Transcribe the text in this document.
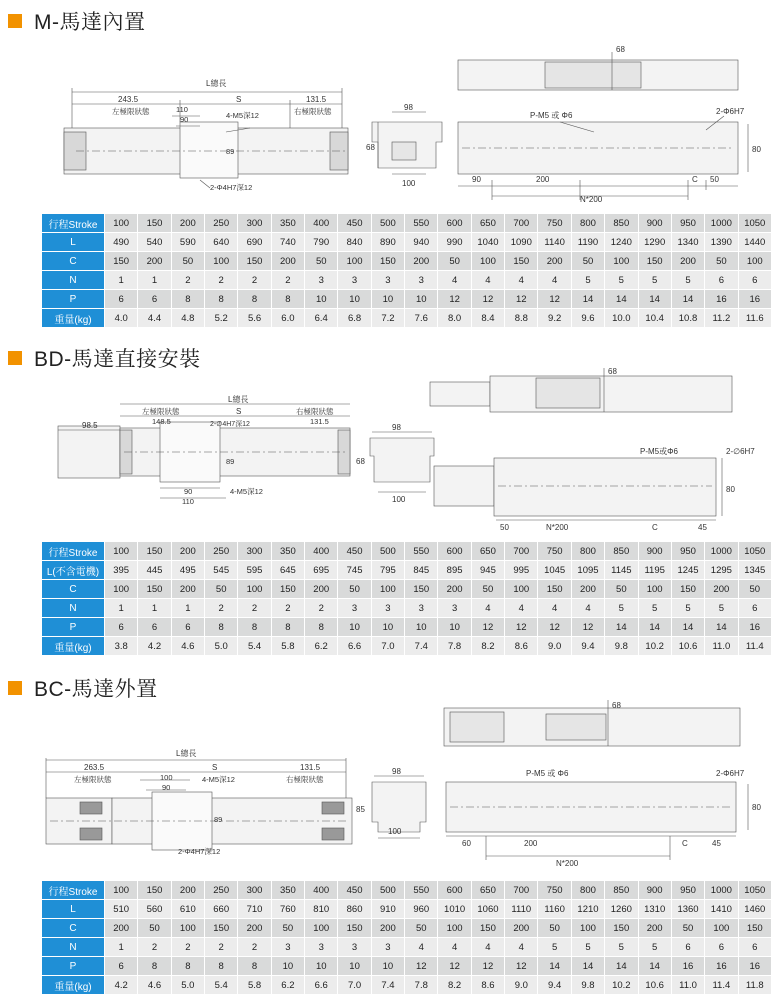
M-馬達內置
L總長
243.5	S	131.5
左極限狀態	右極限狀態
110
90	4-M5深12
2-Φ4H7深12
89
98
68
100
68
P-M5 或 Φ6	2-Φ6H7
90	200	C 50
N*200
80
行程Stroke	100	150	200	250	300	350	400	450	500	550	600	650	700	750	800	850	900	950	1000	1050
L	490	540	590	640	690	740	790	840	890	940	990	1040	1090	1140	1190	1240	1290	1340	1390	1440
C	150	200	50	100	150	200	50	100	150	200	50	100	150	200	50	100	150	200	50	100
N	1	1	2	2	2	2	3	3	3	3	4	4	4	4	5	5	5	5	6	6
P	6	6	8	8	8	8	10	10	10	10	12	12	12	12	14	14	14	14	16	16
重量(kg)	4.0	4.4	4.8	5.2	5.6	6.0	6.4	6.8	7.2	7.6	8.0	8.4	8.8	9.2	9.6	10.0	10.4	10.8	11.2	11.6
BD-馬達直接安裝
L總長
98.5
左極限狀態
148.5
S	右極限狀態
131.5
2-∅4H7深12
89
90
110
4-M5深12
98
68
100
68
P-M5或Φ6	2-∅6H7
80
50	N*200	C	45
行程Stroke	100	150	200	250	300	350	400	450	500	550	600	650	700	750	800	850	900	950	1000	1050
L(不含電機)	395	445	495	545	595	645	695	745	795	845	895	945	995	1045	1095	1145	1195	1245	1295	1345
C	100	150	200	50	100	150	200	50	100	150	200	50	100	150	200	50	100	150	200	50
N	1	1	1	2	2	2	2	3	3	3	3	4	4	4	4	5	5	5	5	6
P	6	6	6	8	8	8	8	10	10	10	10	12	12	12	12	14	14	14	14	16
重量(kg)	3.8	4.2	4.6	5.0	5.4	5.8	6.2	6.6	7.0	7.4	7.8	8.2	8.6	9.0	9.4	9.8	10.2	10.6	11.0	11.4
BC-馬達外置
L總長
263.5	S	131.5
左極限狀態	右極限狀態
100
90
4-M5深12
2-Φ4H7深12
89
98
85
100
68
P-M5 或 Φ6	2-Φ6H7
80
60	200	C	45
N*200
行程Stroke	100	150	200	250	300	350	400	450	500	550	600	650	700	750	800	850	900	950	1000	1050
L	510	560	610	660	710	760	810	860	910	960	1010	1060	1110	1160	1210	1260	1310	1360	1410	1460
C	200	50	100	150	200	50	100	150	200	50	100	150	200	50	100	150	200	50	100	150
N	1	2	2	2	2	3	3	3	3	4	4	4	4	5	5	5	5	6	6	6
P	6	8	8	8	8	10	10	10	10	12	12	12	12	14	14	14	14	16	16	16
重量(kg)	4.2	4.6	5.0	5.4	5.8	6.2	6.6	7.0	7.4	7.8	8.2	8.6	9.0	9.4	9.8	10.2	10.6	11.0	11.4	11.8
